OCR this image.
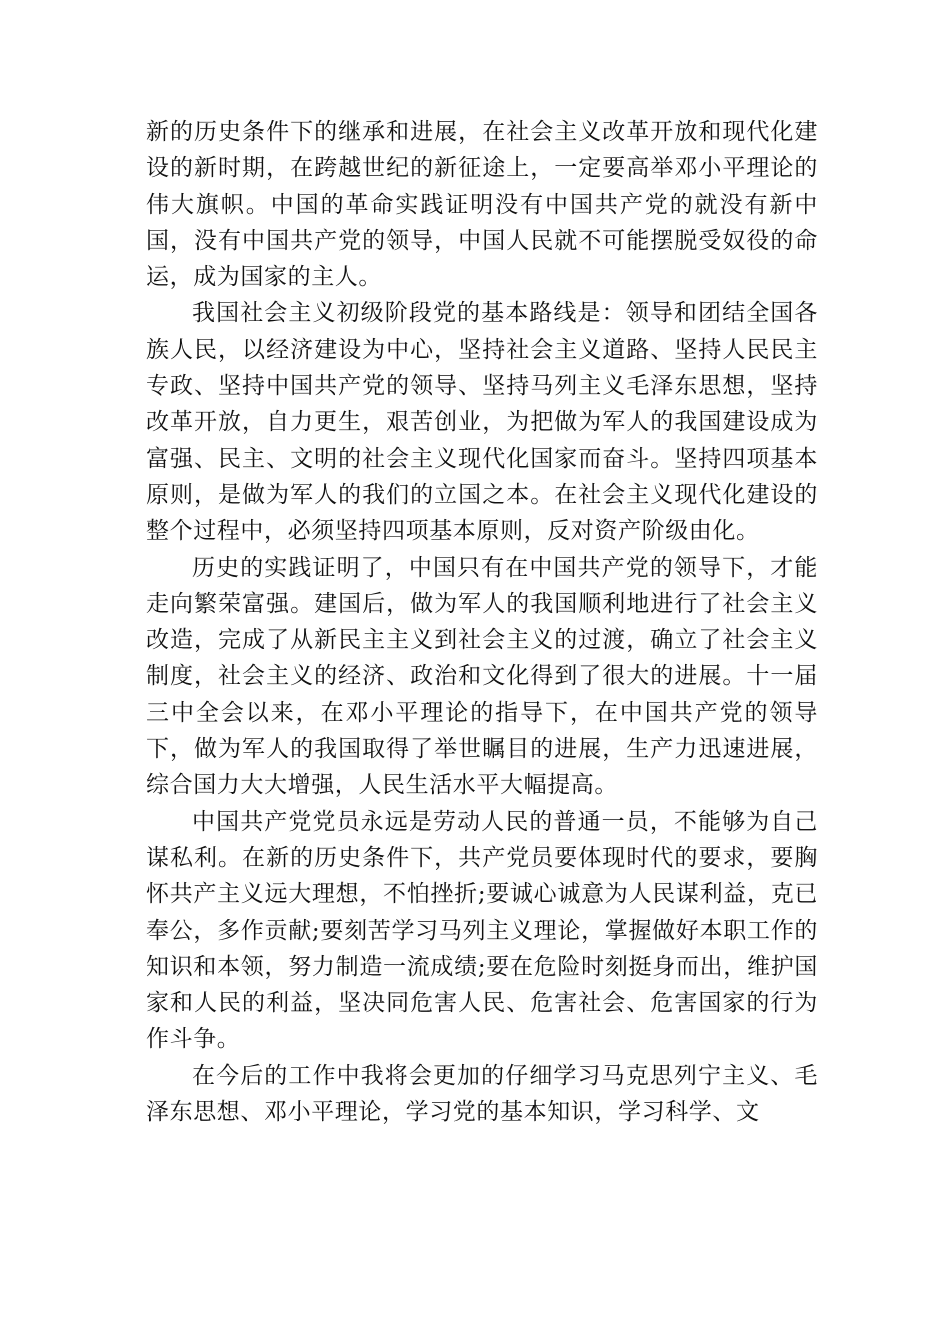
新的历史条件下的继承和进展，在社会主义改革开放和现代化建设的新时期，在跨越世纪的新征途上，一定要高举邓小平理论的伟大旗帜。中国的革命实践证明没有中国共产党的就没有新中国，没有中国共产党的领导，中国人民就不可能摆脱受奴役的命运，成为国家的主人。

我国社会主义初级阶段党的基本路线是：领导和团结全国各族人民，以经济建设为中心，坚持社会主义道路、坚持人民民主专政、坚持中国共产党的领导、坚持马列主义毛泽东思想，坚持改革开放，自力更生，艰苦创业，为把做为军人的我国建设成为富强、民主、文明的社会主义现代化国家而奋斗。坚持四项基本原则，是做为军人的我们的立国之本。在社会主义现代化建设的整个过程中，必须坚持四项基本原则，反对资产阶级由化。

历史的实践证明了，中国只有在中国共产党的领导下，才能走向繁荣富强。建国后，做为军人的我国顺利地进行了社会主义改造，完成了从新民主主义到社会主义的过渡，确立了社会主义制度，社会主义的经济、政治和文化得到了很大的进展。十一届三中全会以来，在邓小平理论的指导下，在中国共产党的领导下，做为军人的我国取得了举世瞩目的进展，生产力迅速进展，综合国力大大增强，人民生活水平大幅提高。

中国共产党党员永远是劳动人民的普通一员，不能够为自己谋私利。在新的历史条件下，共产党员要体现时代的要求，要胸怀共产主义远大理想，不怕挫折;要诚心诚意为人民谋利益，克已奉公，多作贡献;要刻苦学习马列主义理论，掌握做好本职工作的知识和本领，努力制造一流成绩;要在危险时刻挺身而出，维护国家和人民的利益，坚决同危害人民、危害社会、危害国家的行为作斗争。

在今后的工作中我将会更加的仔细学习马克思列宁主义、毛泽东思想、邓小平理论，学习党的基本知识，学习科学、文
